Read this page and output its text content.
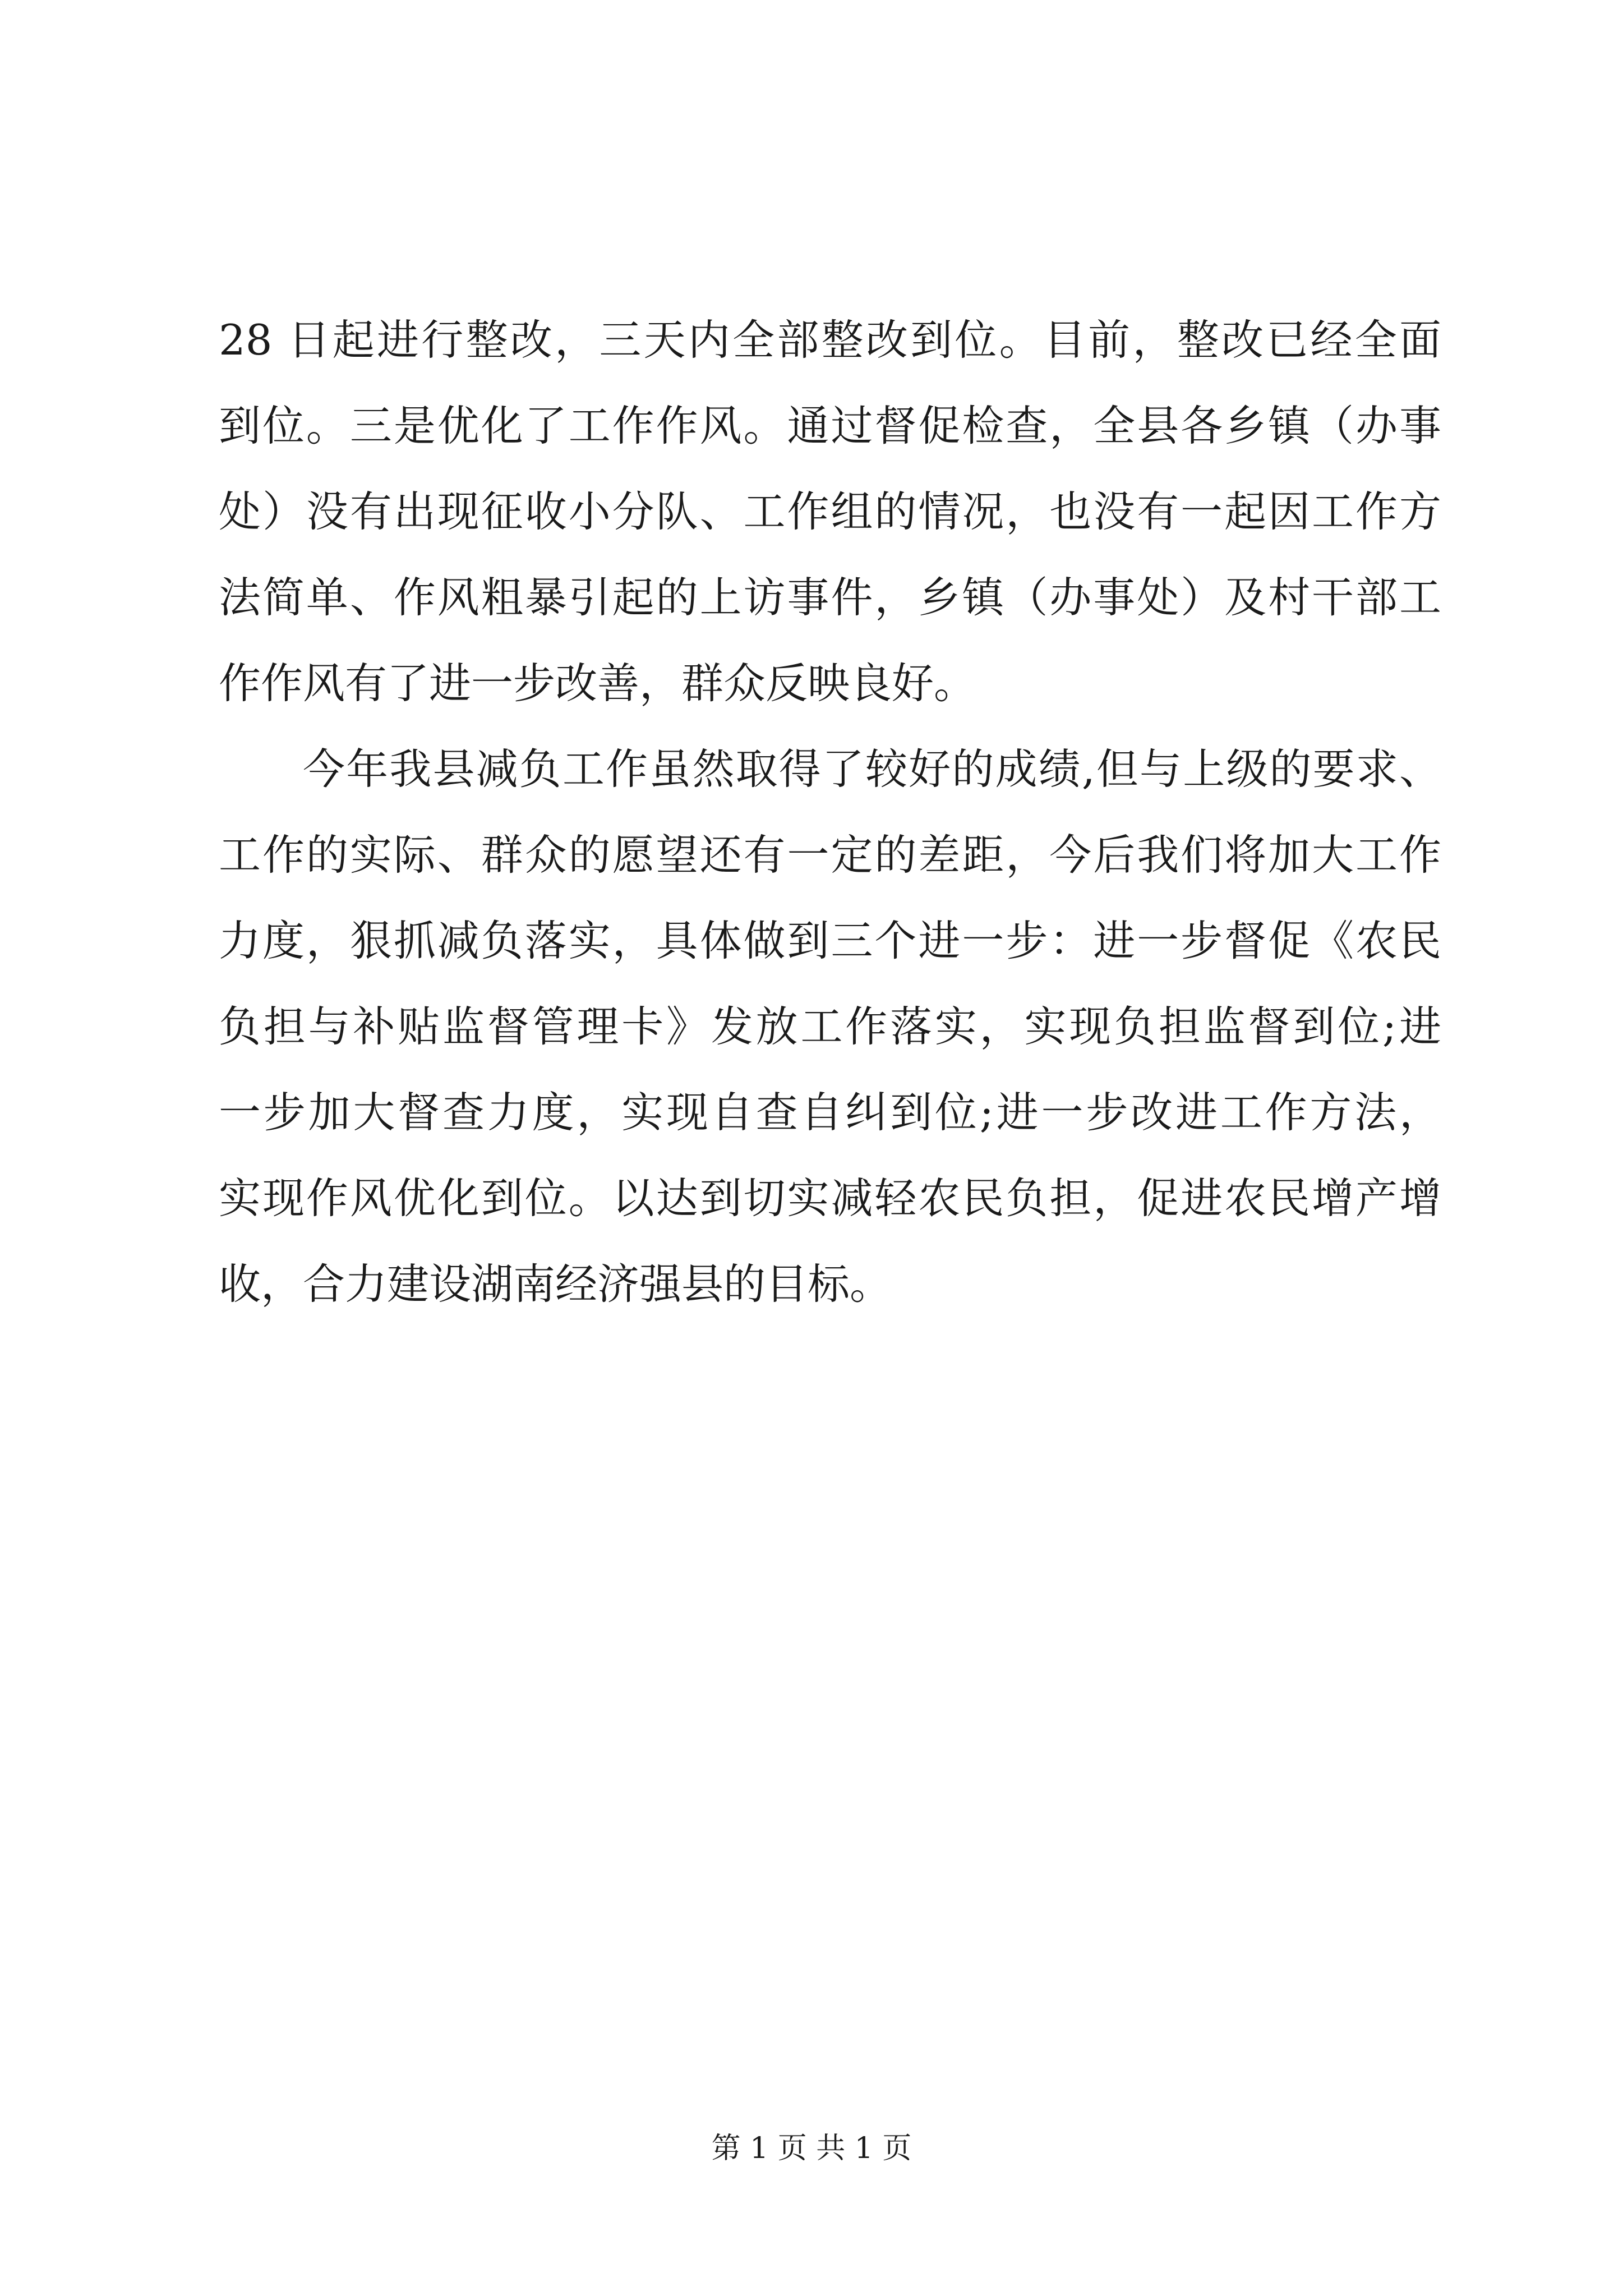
28 日起进行整改，三天内全部整改到位。目前，整改已经全面
到位。三是优化了工作作风。通过督促检查，全县各乡镇（办事
处）没有出现征收小分队、工作组的情况，也没有一起因工作方
法简单、作风粗暴引起的上访事件，乡镇（办事处）及村干部工
作作风有了进一步改善，群众反映良好。
今年我县减负工作虽然取得了较好的成绩,但与上级的要求、
工作的实际、群众的愿望还有一定的差距，今后我们将加大工作
力度，狠抓减负落实，具体做到三个进一步：进一步督促《农民
负担与补贴监督管理卡》发放工作落实，实现负担监督到位;进
一步加大督查力度，实现自查自纠到位;进一步改进工作方法，
实现作风优化到位。以达到切实减轻农民负担，促进农民增产增
收，合力建设湖南经济强县的目标。
第 1 页 共 1 页
